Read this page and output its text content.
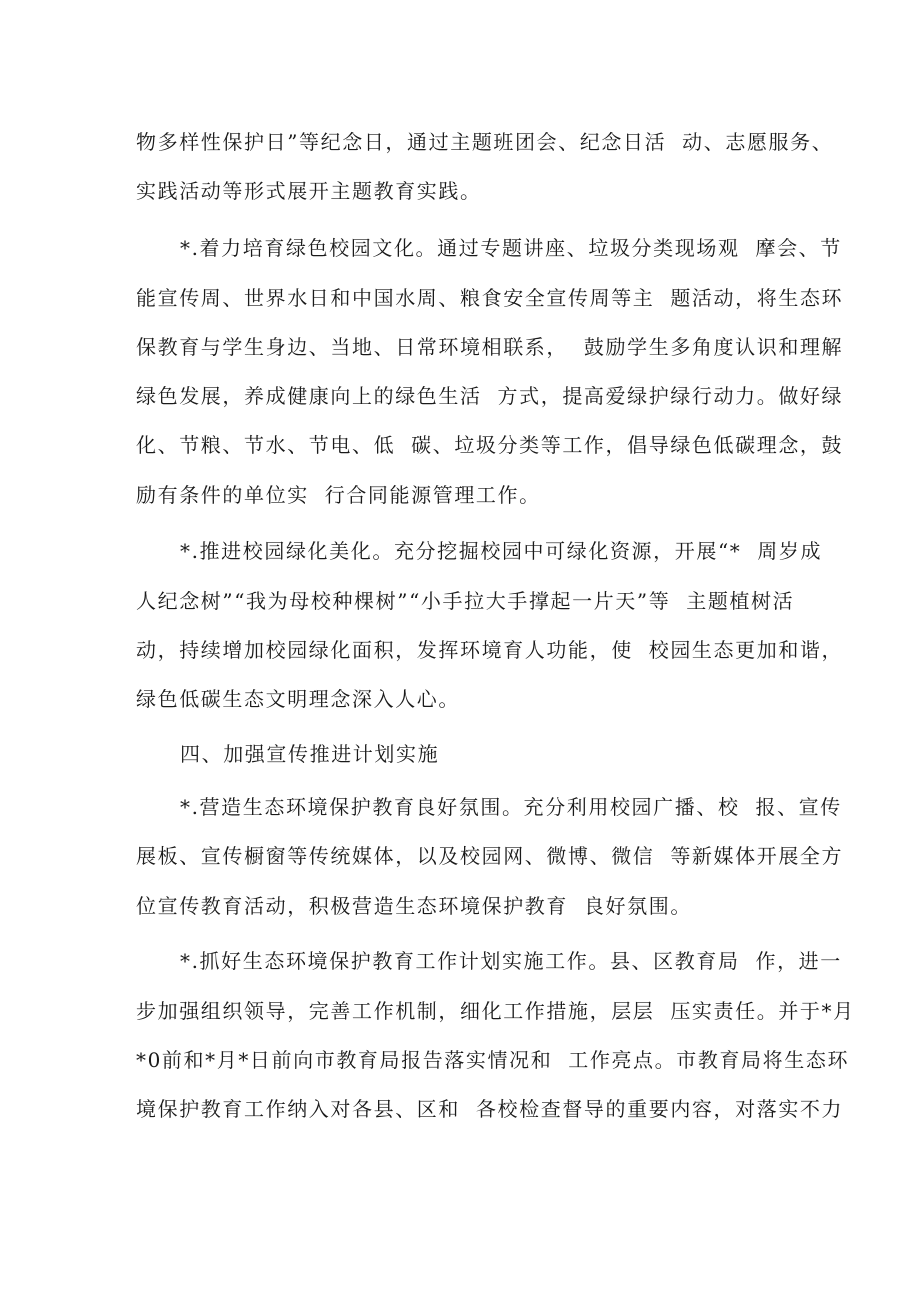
物多样性保护日”等纪念日，通过主题班团会、纪念日活  动、志愿服务、
实践活动等形式展开主题教育实践。
*.着力培育绿色校园文化。通过专题讲座、垃圾分类现场观  摩会、节
能宣传周、世界水日和中国水周、粮食安全宣传周等主  题活动，将生态环
保教育与学生身边、当地、日常环境相联系，  鼓励学生多角度认识和理解
绿色发展，养成健康向上的绿色生活  方式，提高爱绿护绿行动力。做好绿
化、节粮、节水、节电、低  碳、垃圾分类等工作，倡导绿色低碳理念，鼓
励有条件的单位实  行合同能源管理工作。
*.推进校园绿化美化。充分挖掘校园中可绿化资源，开展“*  周岁成
人纪念树”“我为母校种棵树”“小手拉大手撑起一片天”等  主题植树活
动，持续增加校园绿化面积，发挥环境育人功能，使  校园生态更加和谐，
绿色低碳生态文明理念深入人心。
四、加强宣传推进计划实施
*.营造生态环境保护教育良好氛围。充分利用校园广播、校  报、宣传
展板、宣传橱窗等传统媒体，以及校园网、微博、微信  等新媒体开展全方
位宣传教育活动，积极营造生态环境保护教育  良好氛围。
*.抓好生态环境保护教育工作计划实施工作。县、区教育局  作，进一
步加强组织领导，完善工作机制，细化工作措施，层层  压实责任。并于*月
*0前和*月*日前向市教育局报告落实情况和  工作亮点。市教育局将生态环
境保护教育工作纳入对各县、区和  各校检查督导的重要内容，对落实不力
